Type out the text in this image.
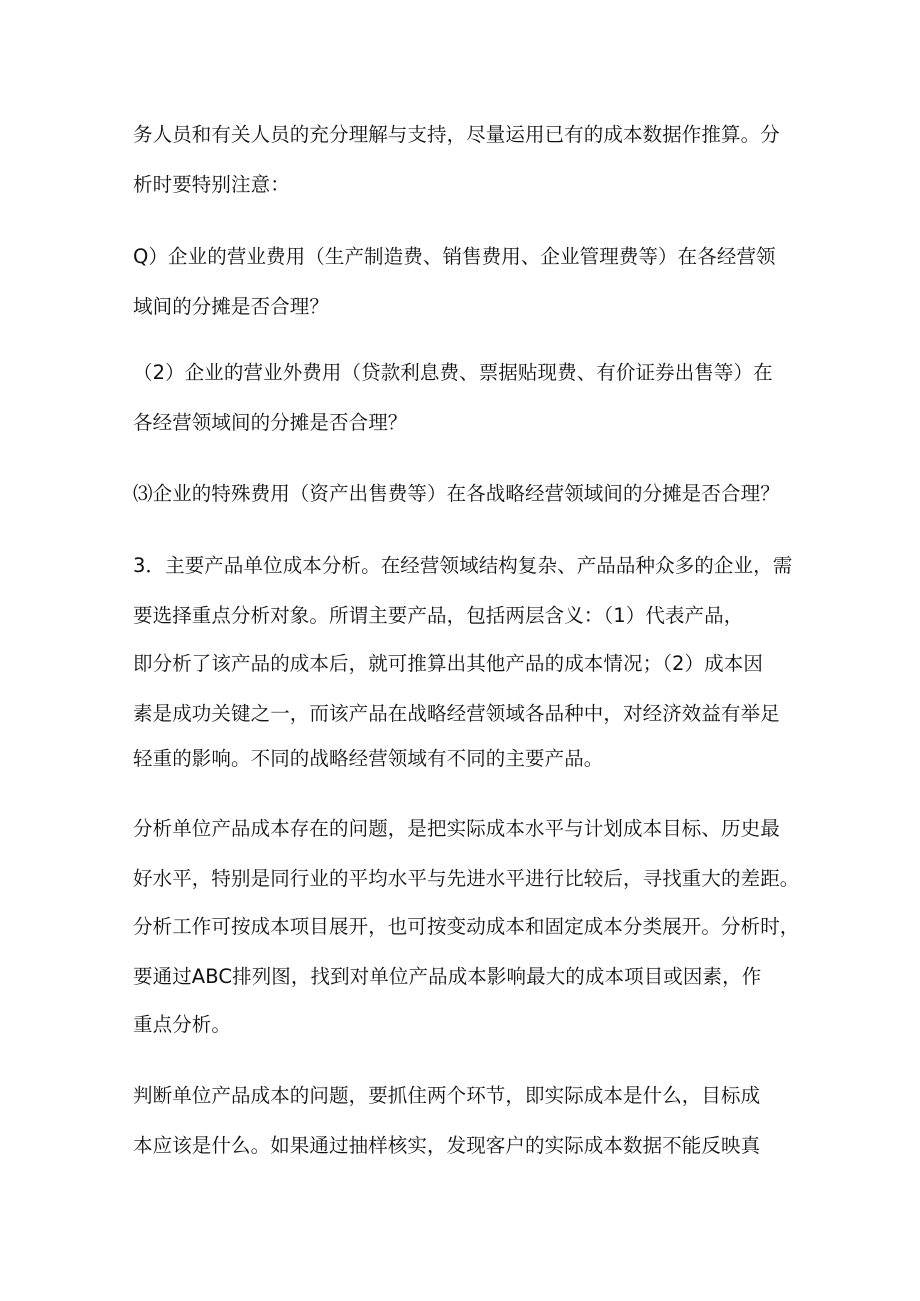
务人员和有关人员的充分理解与支持，尽量运用已有的成本数据作推算。分
析时要特别注意：
Q）企业的营业费用（生产制造费、销售费用、企业管理费等）在各经营领
域间的分摊是否合理？
（2）企业的营业外费用（贷款利息费、票据贴现费、有价证券出售等）在
各经营领域间的分摊是否合理？
⑶企业的特殊费用（资产出售费等）在各战略经营领域间的分摊是否合理？
3．主要产品单位成本分析。在经营领域结构复杂、产品品种众多的企业，需
要选择重点分析对象。所谓主要产品，包括两层含义：（1）代表产品，
即分析了该产品的成本后，就可推算出其他产品的成本情况；（2）成本因
素是成功关键之一，而该产品在战略经营领域各品种中，对经济效益有举足
轻重的影响。不同的战略经营领域有不同的主要产品。
分析单位产品成本存在的问题，是把实际成本水平与计划成本目标、历史最
好水平，特别是同行业的平均水平与先进水平进行比较后，寻找重大的差距。
分析工作可按成本项目展开，也可按变动成本和固定成本分类展开。分析时，
要通过ABC排列图，找到对单位产品成本影响最大的成本项目或因素，作
重点分析。
判断单位产品成本的问题，要抓住两个环节，即实际成本是什么，目标成
本应该是什么。如果通过抽样核实，发现客户的实际成本数据不能反映真
